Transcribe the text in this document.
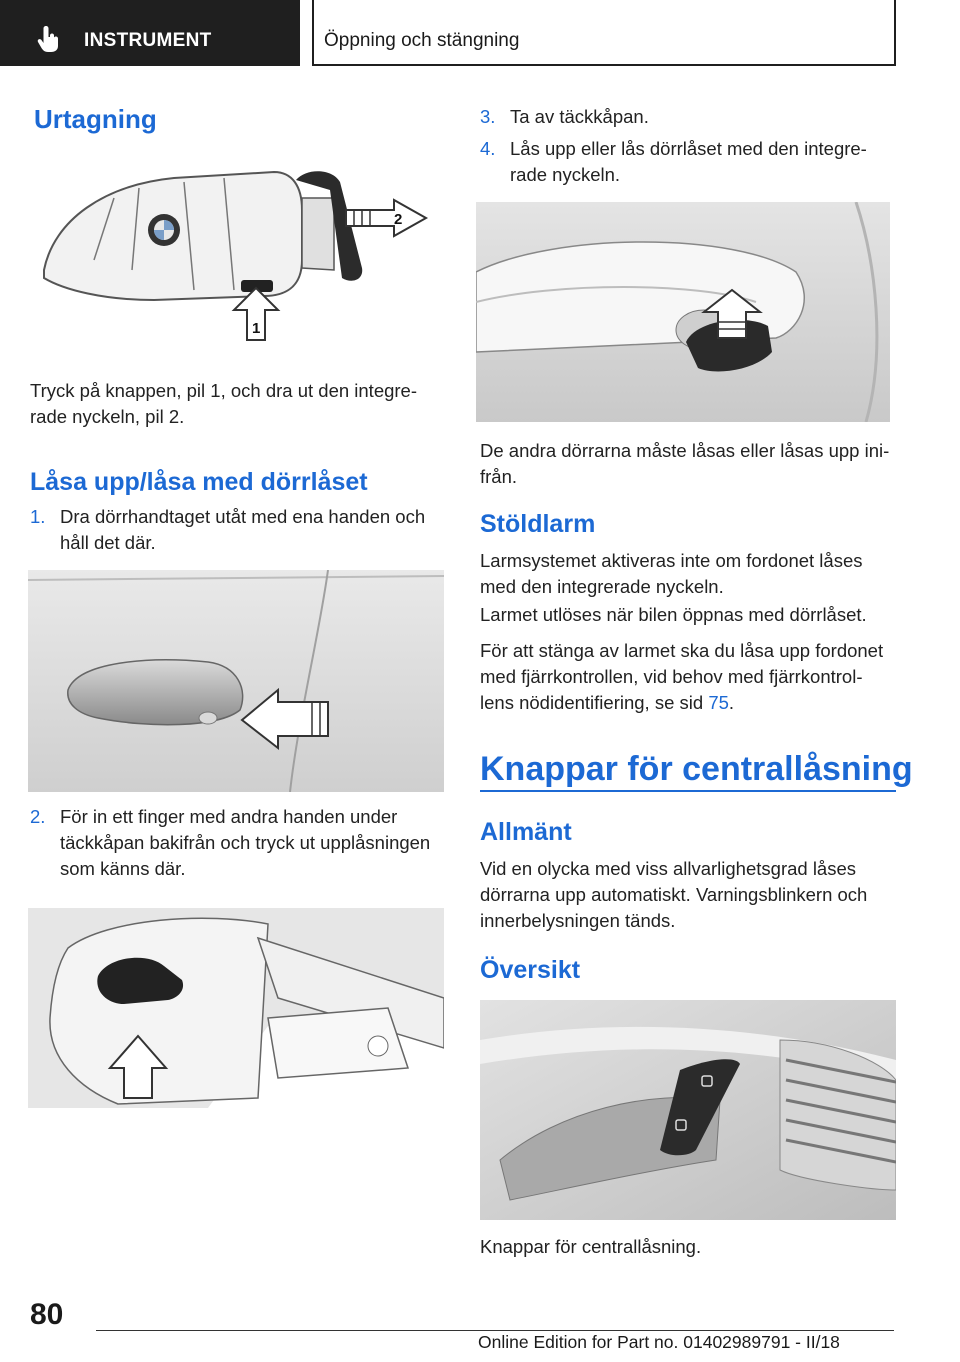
INSTRUMENT	Öppning och stängning
Urtagning
2
1

Tryck på knappen, pil 1, och dra ut den integre‐
rade nyckeln, pil 2.

Låsa upp/låsa med dörrlåset
1. Dra dörrhandtaget utåt med ena handen och
håll det där.
2. För in ett finger med andra handen under
täckkåpan bakifrån och tryck ut upplåsningen
som känns där.
3. Ta av täckkåpan.
4. Lås upp eller lås dörrlåset med den integre‐
rade nyckeln.

De andra dörrarna måste låsas eller låsas upp ini‐
från.

Stöldlarm

Larmsystemet aktiveras inte om fordonet låses
med den integrerade nyckeln.

Larmet utlöses när bilen öppnas med dörrlåset.

För att stänga av larmet ska du låsa upp fordonet
med fjärrkontrollen, vid behov med fjärrkontrol‐
lens nödidentifiering, se sid 75.

Knappar för centrallåsning
Allmänt

Vid en olycka med viss allvarlighetsgrad låses
dörrarna upp automatiskt. Varningsblinkern och
innerbelysningen tänds.

Översikt

Knappar för centrallåsning.

80
Online Edition for Part no. 01402989791 - II/18
